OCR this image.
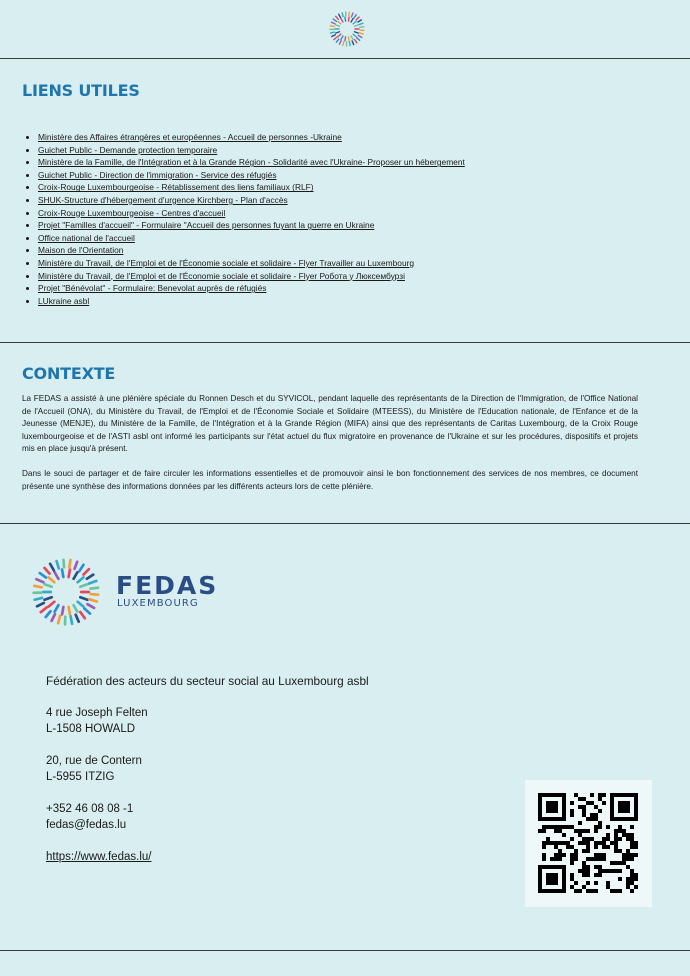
LIENS UTILES
• Ministère des Affaires étrangères et européennes - Accueil de personnes -Ukraine
• Guichet Public - Demande protection temporaire
• Ministère de la Famille, de l'Intégration et à la Grande Région - Solidarité avec l'Ukraine- Proposer un hébergement
• Guichet Public - Direction de l'immigration - Service des réfugiés
• Croix-Rouge Luxembourgeoise - Rétablissement des liens familiaux (RLF)
• SHUK-Structure d'hébergement d'urgence Kirchberg - Plan d'accès
• Croix-Rouge Luxembourgeoise - Centres d'accueil
• Projet "Familles d'accueil" - Formulaire "Accueil des personnes fuyant la guerre en Ukraine
• Office national de l'accueil
• Maison de l'Orientation
• Ministère du Travail, de l'Emploi et de l'Économie sociale et solidaire - Flyer Travailler au Luxembourg
• Ministère du Travail, de l'Emploi et de l'Économie sociale et solidaire - Flyer Робота у Люксембурзі
• Projet "Bénévolat" - Formulaire: Benevolat auprès de réfugiés
• LUkraine asbl
CONTEXTE

La FEDAS a assisté à une plénière spéciale du Ronnen Desch et du SYVICOL, pendant laquelle des représentants de la Direction de l'Immigration, de l'Office National de l'Accueil (ONA), du Ministère du Travail, de l'Emploi et de l'Économie Sociale et Solidaire (MTEESS), du Ministère de l'Education nationale, de l'Enfance et de la Jeunesse (MENJE), du Ministère de la Famille, de l'Intégration et à la Grande Région (MIFA) ainsi que des représentants de Caritas Luxembourg, de la Croix Rouge luxembourgeoise et de l'ASTI asbl ont informé les participants sur l'état actuel du flux migratoire en provenance de l'Ukraine et sur les procédures, dispositifs et projets mis en place jusqu'à présent.

Dans le souci de partager et de faire circuler les informations essentielles et de promouvoir ainsi le bon fonctionnement des services de nos membres, ce document présente une synthèse des informations données par les différents acteurs lors de cette plénière.

FEDAS
LUXEMBOURG
Fédération des acteurs du secteur social au Luxembourg asbl
4 rue Joseph Felten
L-1508 HOWALD
20, rue de Contern
L-5955 ITZIG
+352 46 08 08 -1
fedas@fedas.lu
https://www.fedas.lu/
